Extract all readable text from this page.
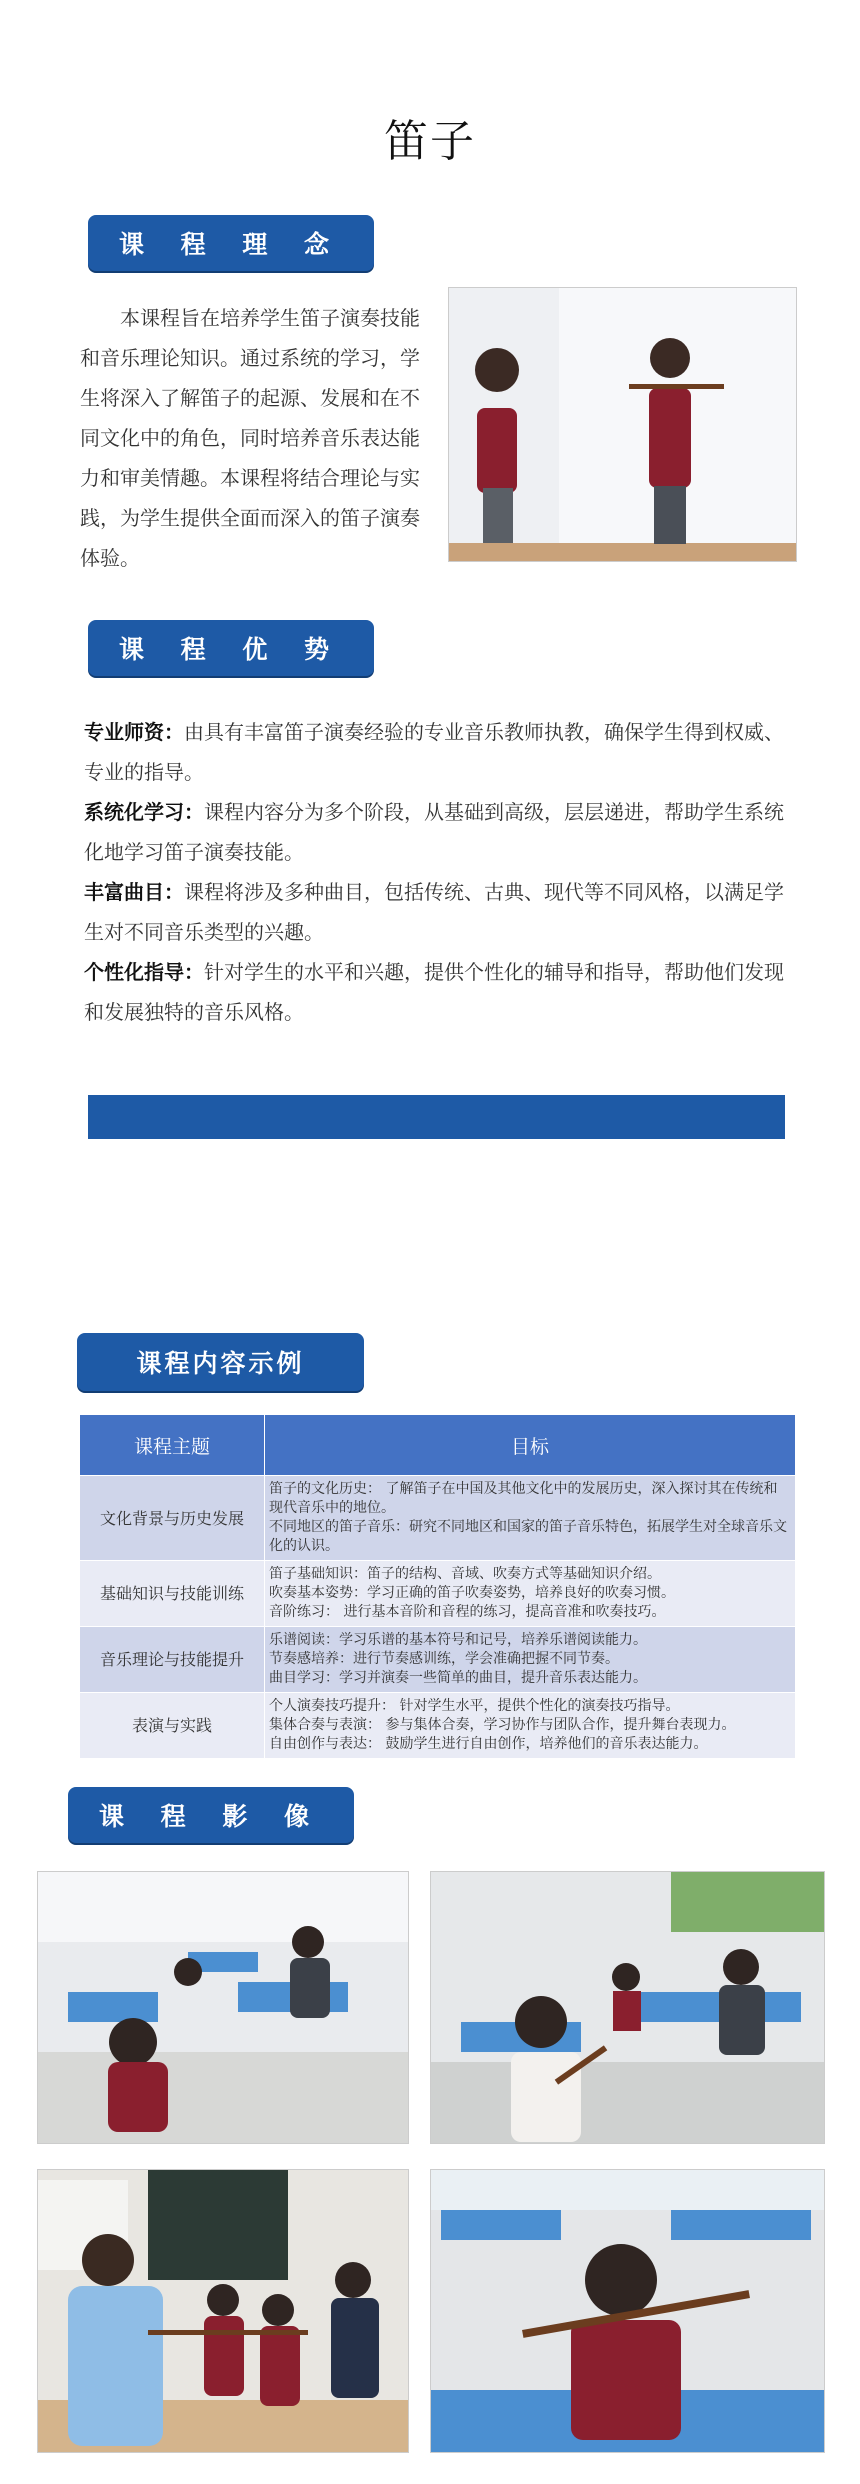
笛子
课 程 理 念
本课程旨在培养学生笛子演奏技能和音乐理论知识。通过系统的学习，学生将深入了解笛子的起源、发展和在不同文化中的角色，同时培养音乐表达能力和审美情趣。本课程将结合理论与实践，为学生提供全面而深入的笛子演奏体验。
课 程 优 势

专业师资：由具有丰富笛子演奏经验的专业音乐教师执教，确保学生得到权威、专业的指导。

系统化学习：课程内容分为多个阶段，从基础到高级，层层递进，帮助学生系统化地学习笛子演奏技能。

丰富曲目：课程将涉及多种曲目，包括传统、古典、现代等不同风格，以满足学生对不同音乐类型的兴趣。

个性化指导：针对学生的水平和兴趣，提供个性化的辅导和指导，帮助他们发现和发展独特的音乐风格。

课程内容示例
课程主题	目标
文化背景与历史发展	笛子的文化历史： 了解笛子在中国及其他文化中的发展历史，深入探讨其在传统和现代音乐中的地位。
不同地区的笛子音乐：研究不同地区和国家的笛子音乐特色，拓展学生对全球音乐文化的认识。

基础知识与技能训练	笛子基础知识：笛子的结构、音域、吹奏方式等基础知识介绍。
吹奏基本姿势：学习正确的笛子吹奏姿势，培养良好的吹奏习惯。
音阶练习： 进行基本音阶和音程的练习，提高音准和吹奏技巧。

音乐理论与技能提升	乐谱阅读：学习乐谱的基本符号和记号，培养乐谱阅读能力。
节奏感培养：进行节奏感训练，学会准确把握不同节奏。
曲目学习：学习并演奏一些简单的曲目，提升音乐表达能力。

表演与实践	个人演奏技巧提升： 针对学生水平，提供个性化的演奏技巧指导。
集体合奏与表演： 参与集体合奏，学习协作与团队合作，提升舞台表现力。
自由创作与表达： 鼓励学生进行自由创作，培养他们的音乐表达能力。
课 程 影 像
